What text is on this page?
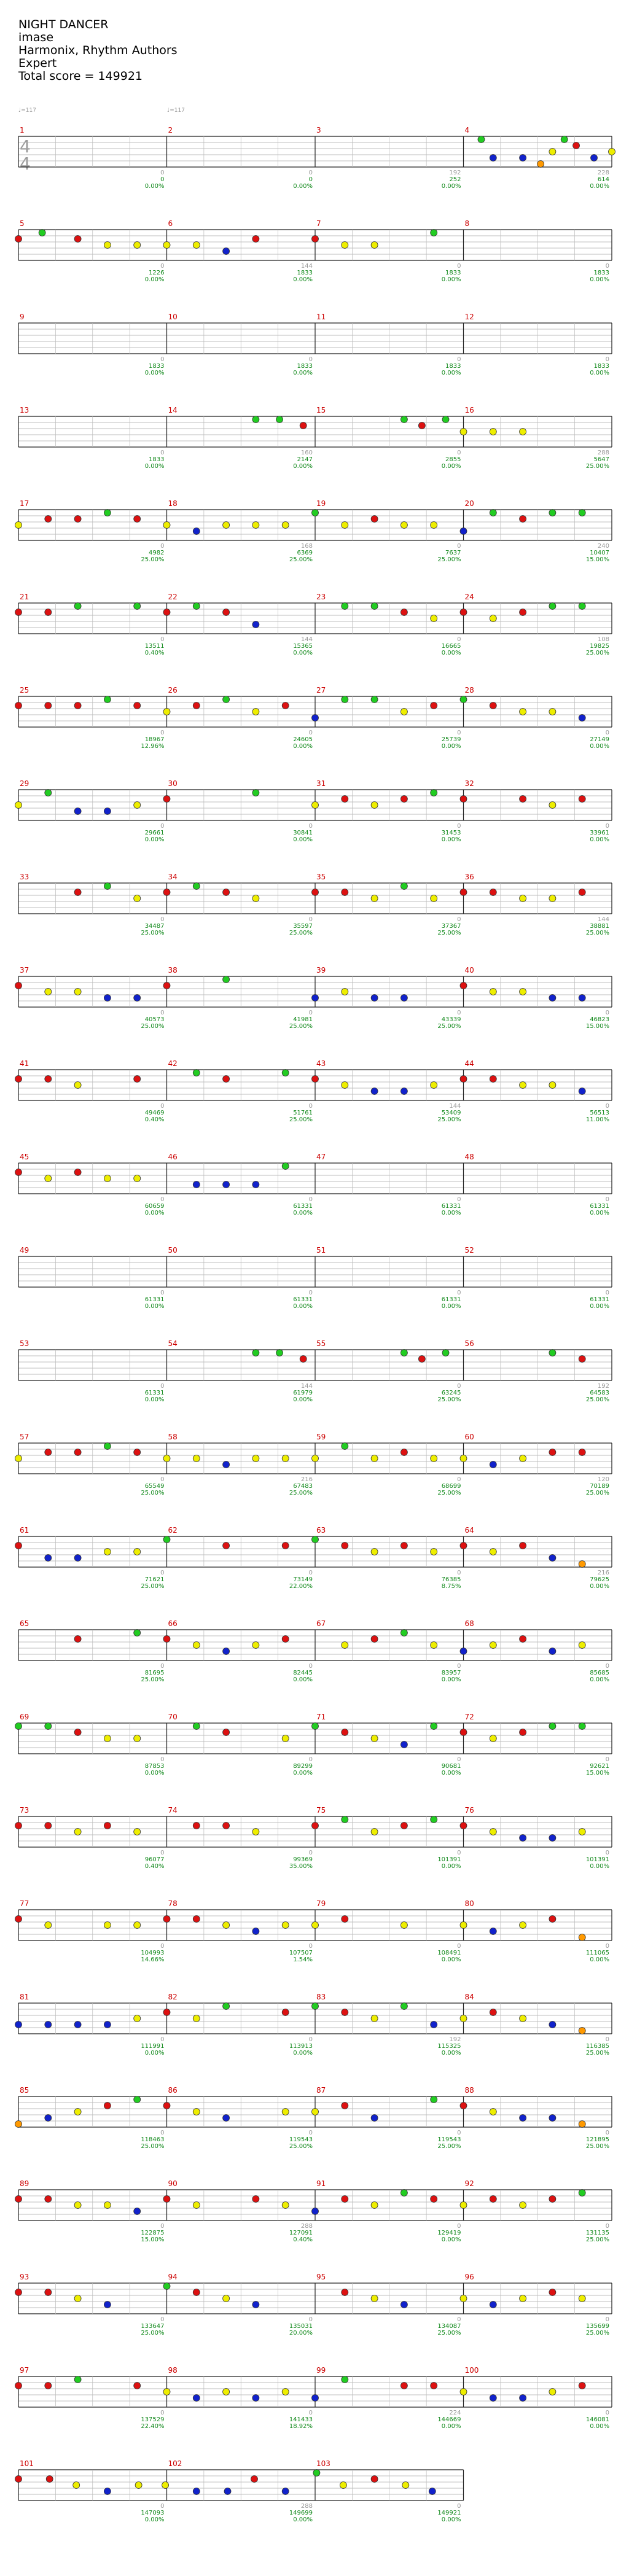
NIGHT DANCER
imase
Harmonix, Rhythm Authors
Expert
Total score = 149921
♩=117	♩=117
4
4
1
0
0
0.00%
2
0
0
0.00%
3
192
252
0.00%
4
228
614
0.00%
5
0
1226
0.00%
6
144
1833
0.00%
7
0
1833
0.00%
8
0
1833
0.00%
9
0
1833
0.00%
10
0
1833
0.00%
11
0
1833
0.00%
12
0
1833
0.00%
13
0
1833
0.00%
14
160
2147
0.00%
15
0
2855
0.00%
16
288
5647
25.00%
17
0
4982
25.00%
18
168
6369
25.00%
19
0
7637
25.00%
20
240
10407
15.00%
21
0
13511
0.40%
22
144
15365
0.00%
23
0
16665
0.00%
24
108
19825
25.00%
25
0
18967
12.96%
26
0
24605
0.00%
27
0
25739
0.00%
28
0
27149
0.00%
29
0
29661
0.00%
30
0
30841
0.00%
31
0
31453
0.00%
32
0
33961
0.00%
33
0
34487
25.00%
34
0
35597
25.00%
35
0
37367
25.00%
36
144
38881
25.00%
37
0
40573
25.00%
38
0
41981
25.00%
39
0
43339
25.00%
40
0
46823
15.00%
41
0
49469
0.40%
42
0
51761
25.00%
43
144
53409
25.00%
44
0
56513
11.00%
45
0
60659
0.00%
46
0
61331
0.00%
47
0
61331
0.00%
48
0
61331
0.00%
49
0
61331
0.00%
50
0
61331
0.00%
51
0
61331
0.00%
52
0
61331
0.00%
53
0
61331
0.00%
54
144
61979
0.00%
55
0
63245
25.00%
56
192
64583
25.00%
57
0
65549
25.00%
58
216
67483
25.00%
59
0
68699
25.00%
60
120
70189
25.00%
61
0
71621
25.00%
62
0
73149
22.00%
63
0
76385
8.75%
64
216
79625
0.00%
65
0
81695
25.00%
66
0
82445
0.00%
67
0
83957
0.00%
68
0
85685
0.00%
69
0
87853
0.00%
70
0
89299
0.00%
71
0
90681
0.00%
72
0
92621
15.00%
73
0
96077
0.40%
74
0
99369
35.00%
75
0
101391
0.00%
76
0
101391
0.00%
77
0
104993
14.66%
78
0
107507
1.54%
79
0
108491
0.00%
80
0
111065
0.00%
81
0
111991
0.00%
82
0
113913
0.00%
83
192
115325
0.00%
84
0
116385
25.00%
85
0
118463
25.00%
86
0
119543
25.00%
87
0
119543
25.00%
88
0
121895
25.00%
89
0
122875
15.00%
90
288
127091
0.40%
91
0
129419
0.00%
92
0
131135
25.00%
93
0
133647
25.00%
94
0
135031
20.00%
95
0
134087
25.00%
96
0
135699
25.00%
97
0
137529
22.40%
98
0
141433
18.92%
99
224
144669
0.00%
100
0
146081
0.00%
101
0
147093
0.00%
102
288
149699
0.00%
103
0
149921
0.00%
